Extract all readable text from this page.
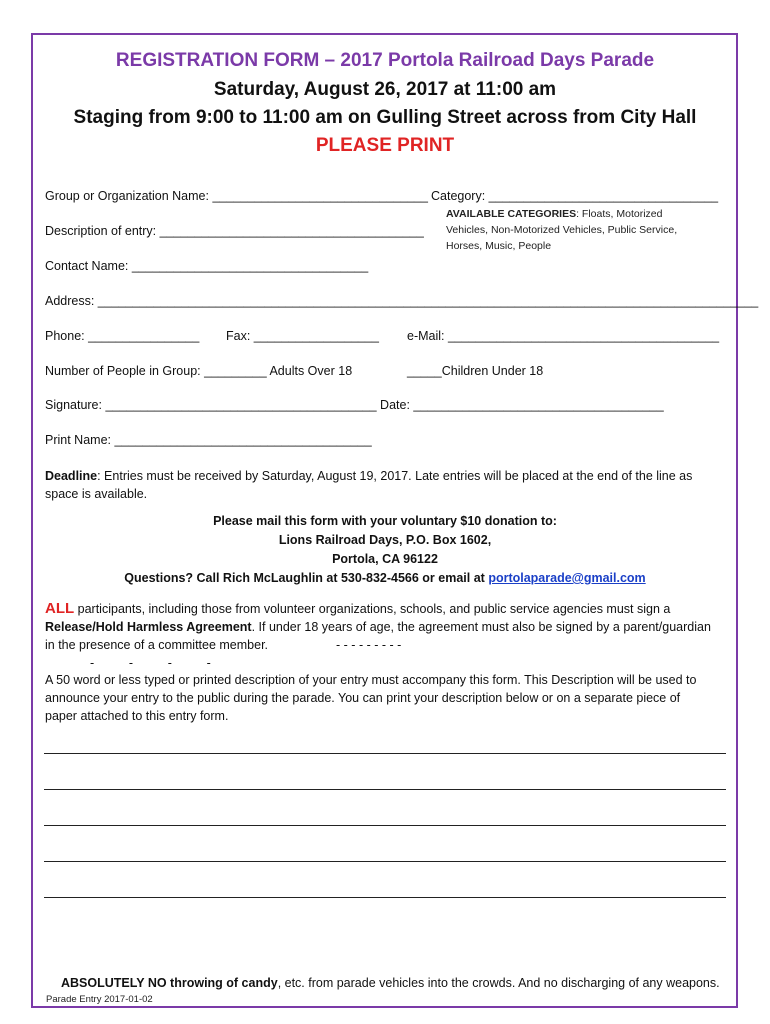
REGISTRATION FORM – 2017 Portola Railroad Days Parade
Saturday, August 26, 2017 at 11:00 am
Staging from 9:00 to 11:00 am on Gulling Street across from City Hall
PLEASE PRINT
Group or Organization Name: _______________________________ Category: _________________________________
AVAILABLE CATEGORIES: Floats, Motorized
Vehicles, Non-Motorized Vehicles, Public Service,
Horses, Music, People
Description of entry: ______________________________________
Contact Name: __________________________________
Address: _______________________________________________________________________________________________
Phone: ________________ Fax: __________________ e-Mail: _______________________________________
Number of People in Group: _________ Adults Over 18	_____Children Under 18
Signature: _______________________________________ Date: ____________________________________
Print Name: _____________________________________
Deadline: Entries must be received by Saturday, August 19, 2017. Late entries will be placed at the end of the line as
space is available.
Please mail this form with your voluntary $10 donation to:
Lions Railroad Days, P.O. Box 1602,
Portola, CA 96122
Questions? Call Rich McLaughlin at 530-832-4566 or email at portolaparade@gmail.com
ALL participants, including those from volunteer organizations, schools, and public service agencies must sign a
Release/Hold Harmless Agreement. If under 18 years of age, the agreement must also be signed by a parent/guardian
in the presence of a committee member.	- - - - - - - - -
-          -          -          -
A 50 word or less typed or printed description of your entry must accompany this form. This Description will be used to
announce your entry to the public during the parade. You can print your description below or on a separate piece of
paper attached to this entry form.
ABSOLUTELY NO throwing of candy, etc. from parade vehicles into the crowds. And no discharging of any weapons.
Parade Entry 2017-01-02
